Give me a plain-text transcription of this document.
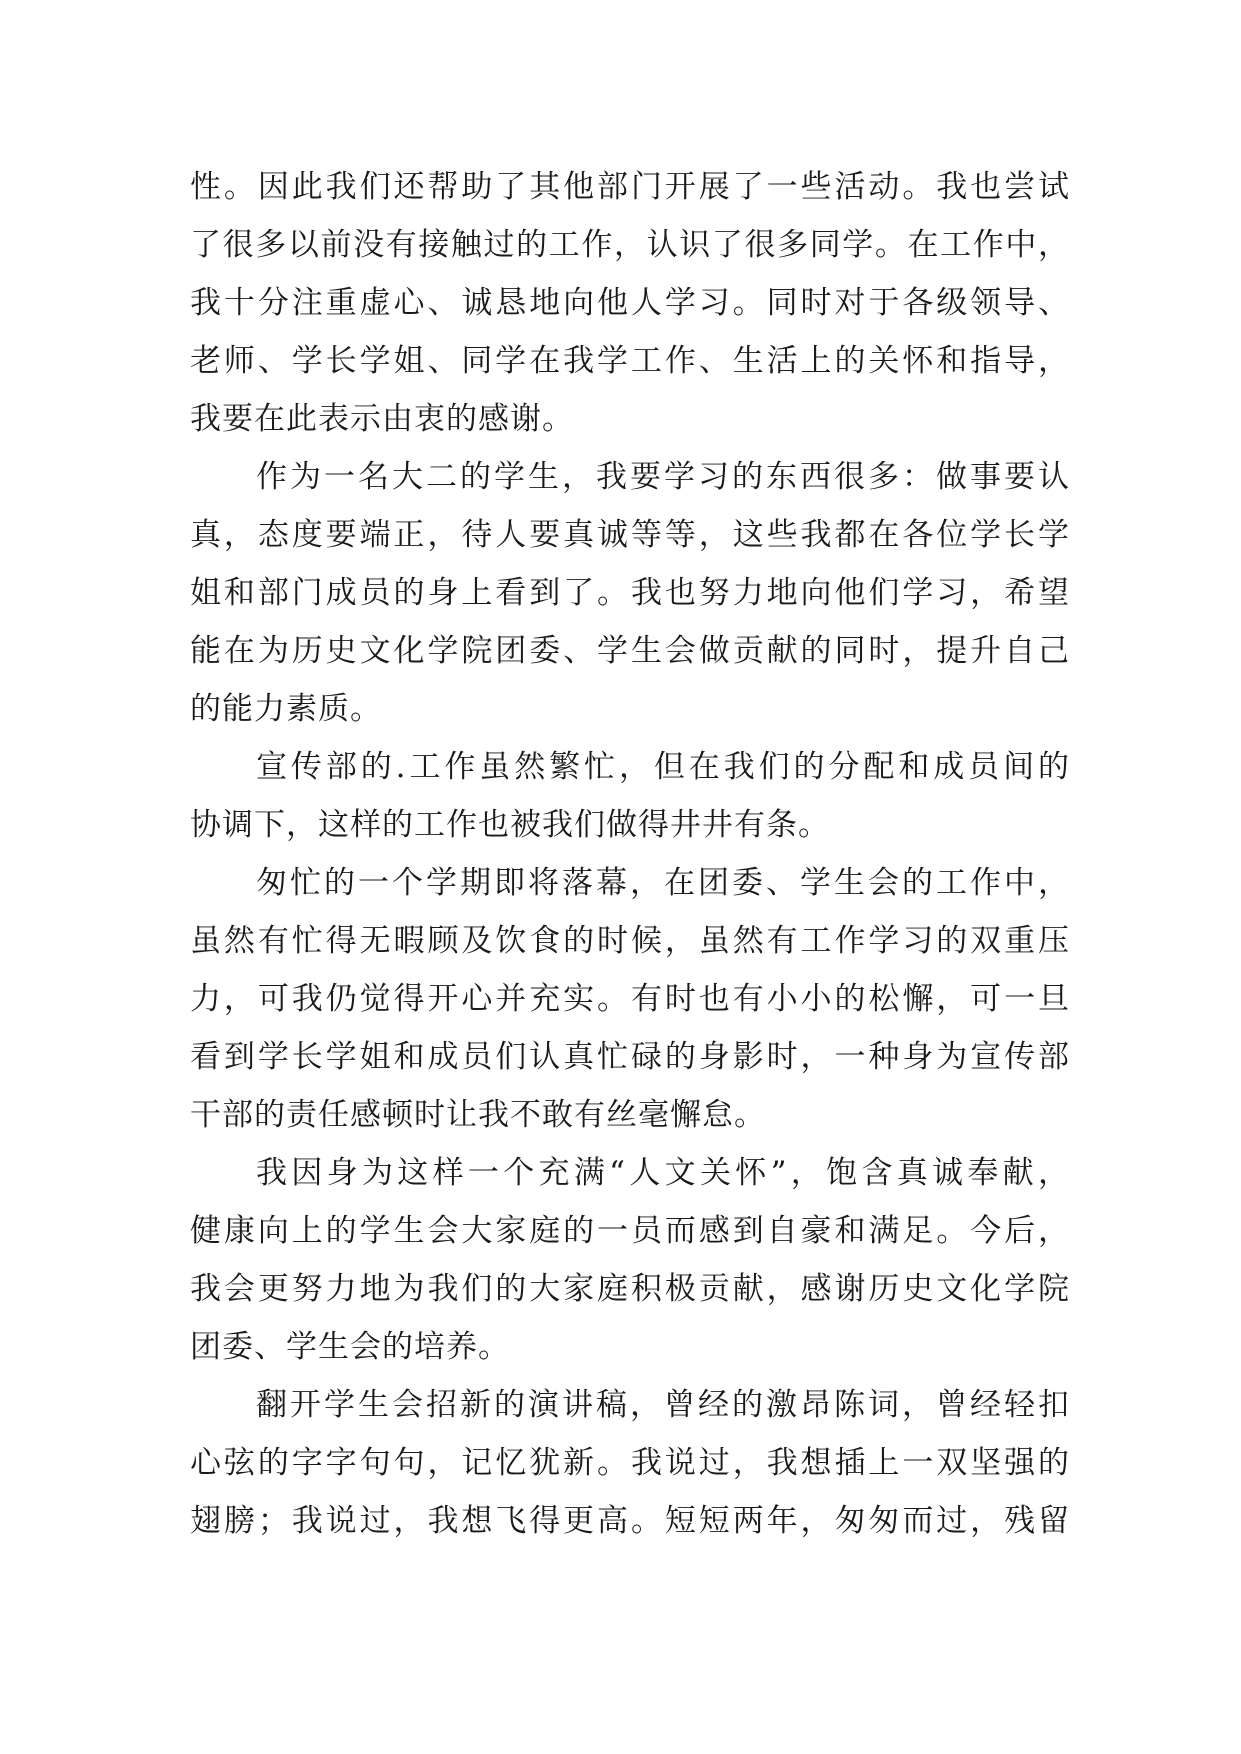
性。因此我们还帮助了其他部门开展了一些活动。我也尝试
了很多以前没有接触过的工作，认识了很多同学。在工作中，
我十分注重虚心、诚恳地向他人学习。同时对于各级领导、
老师、学长学姐、同学在我学工作、生活上的关怀和指导，
我要在此表示由衷的感谢。
作为一名大二的学生，我要学习的东西很多：做事要认
真，态度要端正，待人要真诚等等，这些我都在各位学长学
姐和部门成员的身上看到了。我也努力地向他们学习，希望
能在为历史文化学院团委、学生会做贡献的同时，提升自己
的能力素质。
宣传部的.工作虽然繁忙，但在我们的分配和成员间的
协调下，这样的工作也被我们做得井井有条。
匆忙的一个学期即将落幕，在团委、学生会的工作中，
虽然有忙得无暇顾及饮食的时候，虽然有工作学习的双重压
力，可我仍觉得开心并充实。有时也有小小的松懈，可一旦
看到学长学姐和成员们认真忙碌的身影时，一种身为宣传部
干部的责任感顿时让我不敢有丝毫懈怠。
我因身为这样一个充满“人文关怀”，饱含真诚奉献，
健康向上的学生会大家庭的一员而感到自豪和满足。今后，
我会更努力地为我们的大家庭积极贡献，感谢历史文化学院
团委、学生会的培养。
翻开学生会招新的演讲稿，曾经的激昂陈词，曾经轻扣
心弦的字字句句，记忆犹新。我说过，我想插上一双坚强的
翅膀；我说过，我想飞得更高。短短两年，匆匆而过，残留
